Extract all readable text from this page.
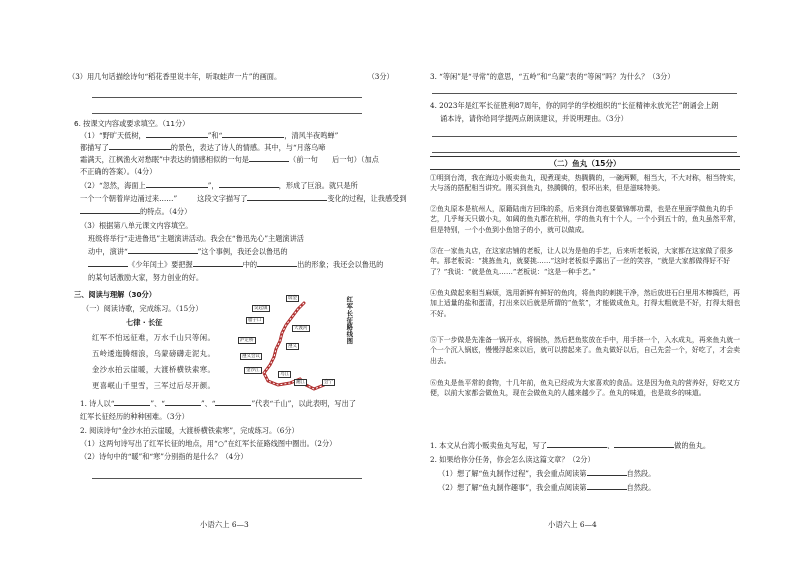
（3）用几句话描绘诗句“稻花香里说丰年，听取蛙声一片”的画面。	（3分）
6. 按课文内容或要求填空。（11分）
（1）“野旷天低树，	”和“	，清风半夜鸣蝉”
都描写了	的景色，表达了诗人的情感。其中，与“月落乌啼
霜满天，江枫渔火对愁眠”中表达的情感相似的一句是	（前一句　　后一句）（加点
不正确的答案）。（4分）
（2）“忽然，海面上	”，	，形成了巨浪。就只是所
一个一个朝着岸边涌过来……”	这段文字描写了	变化的过程，让我感受到
的特点。（4分）
（3）根据第八单元课文内容填空。
班级将举行“走进鲁迅”主题演讲活动。我会在“鲁迅先心”主题演讲活
动中，演讲“	”这个事例，我还会以鲁迅的
《少年闰土》要把握	中的	出的形象；我还会以鲁迅的
的某句话激励大家，努力创业的好。
三、阅读与理解（30分）
（一）阅读诗歌，完成练习。（15分）
七律 · 长征
红军不怕远征难，万水千山只等闲。
五岭逶迤腾细浪，乌蒙磅礴走泥丸。
金沙水拍云崖暖，大渡桥横铁索寒。
更喜岷山千里雪，三军过后尽开颜。
瑞金
吴起镇
腊子口
大渡河
泸定桥
遵义
遵义会议
金沙江
乌江
湘江	会宁
红军长征路线图
1. 诗人以“	”、“	”、“	”代表“千山”，以此表明，写出了
红军长征经历的种种困难。（3分）
2. 阅读诗句“金沙水拍云崖暖，大渡桥横铁索寒”，完成练习。（6分）
（1）这两句诗写出了红军长征的地点，用“○”在红军长征路线图中圈出。（2分）
（2）诗句中的“暖”和“寒”分别指的是什么？（4分）
小语六上 6—3
3. “等闲”是“寻常”的意思，“五岭”和“乌蒙”表的“等闲”吗？为什么？（3分）
4. 2023年是红军长征胜利87周年，你的同学的学校组织的“长征精神永放光芒”朗诵会上朗
诵本诗，请你给同学提两点朗读建议，并说明理由。（3分）
（二）鱼丸（15分）
①明到台湾，我在海边小贩卖鱼丸，现煮现卖，热腾腾的，一碗两颗，相当大，不大对称，相当特实，大与汤的搭配相当讲究。刚买到鱼丸，热腾腾的，恨坏出来，但是滋味特美。
②鱼丸原本是杭州人，原籍陆南方回珠的系，后来到台湾也要做锦郸功课，也是在里面学做鱼丸的手艺，几乎每天只做小丸，如阔的鱼丸都在杭州，学的鱼丸有十个人，一个小到五十的，鱼丸虽然平常，但是特别，一个小鱼到小鱼馆子的小，就可以做成。
③在一家鱼丸店，在这家店铺的老板，让人以为是他的手艺，后来听老板说，大家都在这家做了很多年。那老板说：“挑拣鱼丸，就要挑……”这时老板似乎露出了一丝的笑容，“就是大家都做得好不好了？”我说：“就是鱼丸……”老板说：“这是一种手艺。”
④鱼丸做起来相当麻烦，选用新鲜有鲜好的鱼肉，将鱼肉的刺挑干净，然后放进石臼里用木棒捣烂，再加上适量的盐和蛋清，打出来以后就是所谓的“鱼浆”，才能做成鱼丸，打得太粗就是不好，打得太细也不好。
⑤下一步做是先准备一锅开水，将锅热，然后把鱼浆放在手中，用手挤一个，入水成丸，再来鱼丸就一个一个沉入锅底，慢慢浮起来以后，就可以捞起来了。鱼丸做好以后，自己先尝一个，好吃了，才会卖出去。
⑥鱼丸是鱼平常的食物，十几年前，鱼丸已经成为大家喜欢的食品。这是因为鱼丸的营养好，好吃又方便，以前大家都会做鱼丸，现在会做鱼丸的人越来越少了。鱼丸的味道，也是故乡的味道。
1. 本文从台湾小贩卖鱼丸写起，写了	、	做的鱼丸。
2. 如果给你分任务，你会怎么读这篇文章？（2分）
（1）想了解“鱼丸制作过程”，我会重点阅读第	自然段。
（2）想了解“鱼丸制作趣事”，我会重点阅读第	自然段。
小语六上 6—4
